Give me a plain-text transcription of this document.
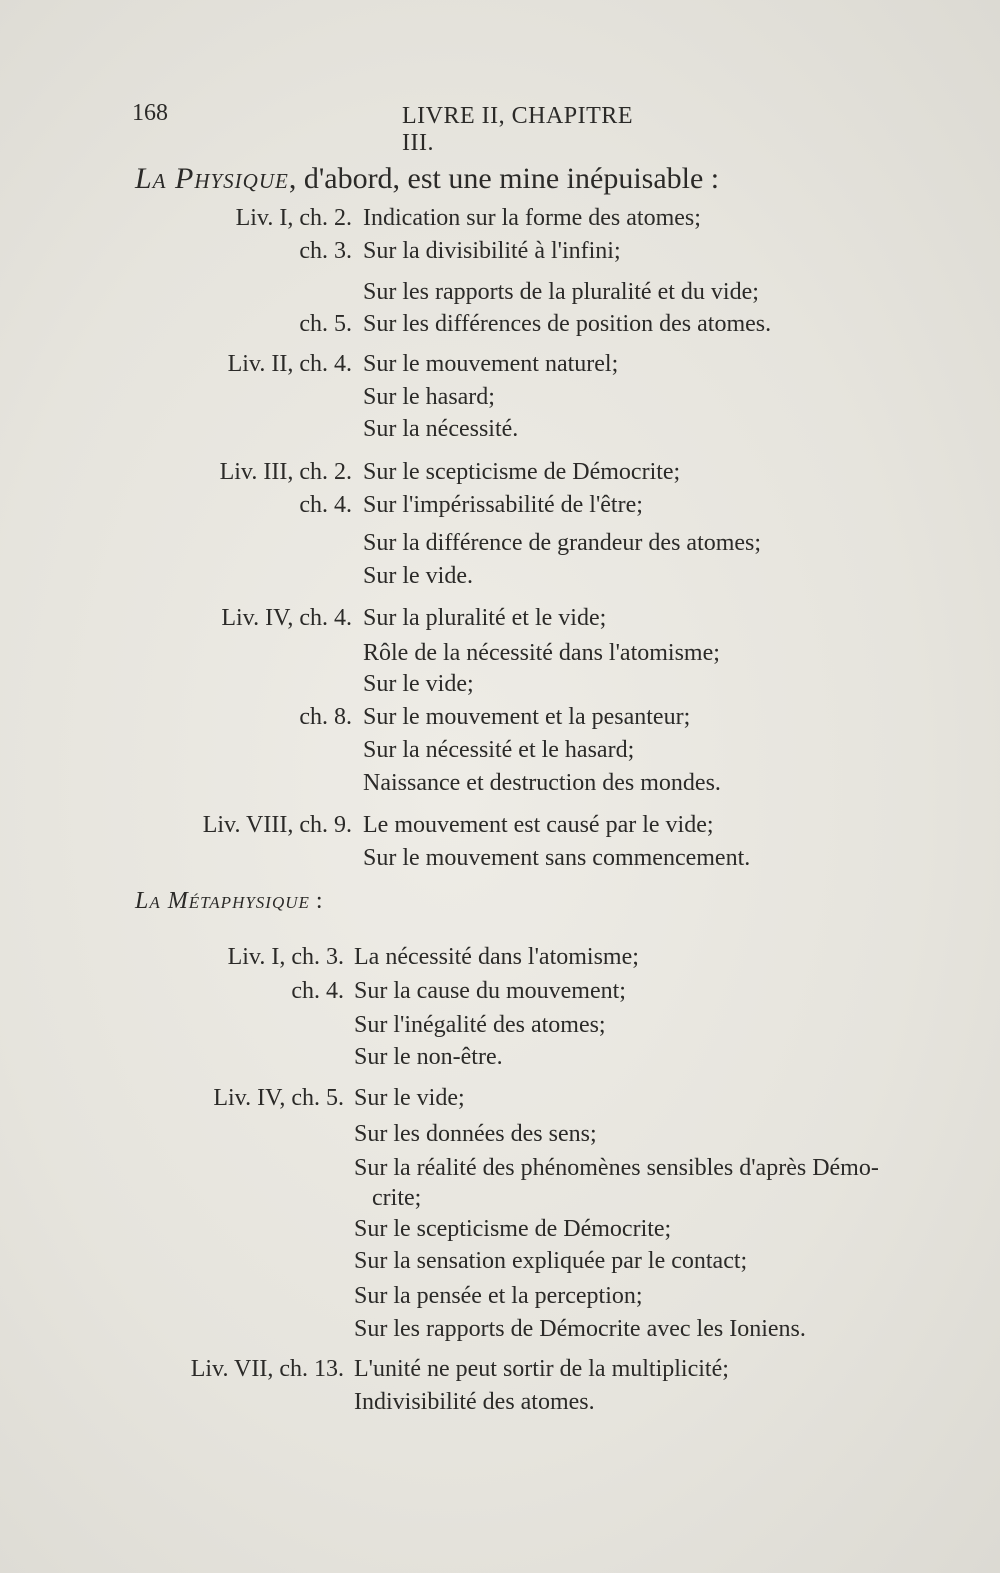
168	LIVRE II, CHAPITRE III.
La Physique, d'abord, est une mine inépuisable :
Liv. I, ch. 2. Indication sur la forme des atomes;
ch. 3. Sur la divisibilité à l'infini;
Sur les rapports de la pluralité et du vide;
ch. 5. Sur les différences de position des atomes.
Liv. II, ch. 4. Sur le mouvement naturel;
Sur le hasard;
Sur la nécessité.
Liv. III, ch. 2. Sur le scepticisme de Démocrite;
ch. 4. Sur l'impérissabilité de l'être;
Sur la différence de grandeur des atomes;
Sur le vide.
Liv. IV, ch. 4. Sur la pluralité et le vide;
Rôle de la nécessité dans l'atomisme;
Sur le vide;
ch. 8. Sur le mouvement et la pesanteur;
Sur la nécessité et le hasard;
Naissance et destruction des mondes.
Liv. VIII, ch. 9. Le mouvement est causé par le vide;
Sur le mouvement sans commencement.
La Métaphysique :
Liv. I, ch. 3. La nécessité dans l'atomisme;
ch. 4. Sur la cause du mouvement;
Sur l'inégalité des atomes;
Sur le non-être.
Liv. IV, ch. 5. Sur le vide;
Sur les données des sens;
Sur la réalité des phénomènes sensibles d'après Démo-
crite;
Sur le scepticisme de Démocrite;
Sur la sensation expliquée par le contact;
Sur la pensée et la perception;
Sur les rapports de Démocrite avec les Ioniens.
Liv. VII, ch. 13. L'unité ne peut sortir de la multiplicité;
Indivisibilité des atomes.
